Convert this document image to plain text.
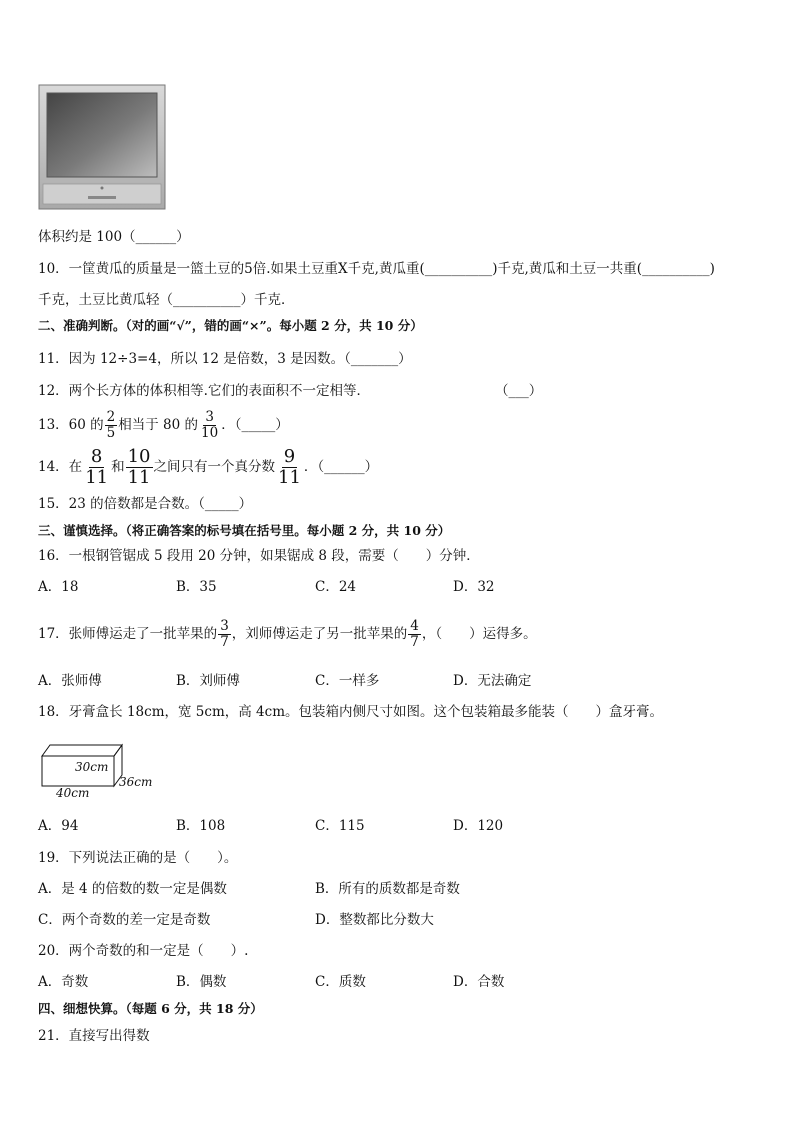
体积约是 100（______）
10．一筐黄瓜的质量是一篮土豆的5倍.如果土豆重X千克,黄瓜重(__________)千克,黄瓜和土豆一共重(__________)
千克，土豆比黄瓜轻（__________）千克．
二、准确判断。（对的画“√”，错的画“×”。每小题 2 分，共 10 分）
11．因为 12÷3=4，所以 12 是倍数，3 是因数。（_______）
12．两个长方体的体积相等.它们的表面积不一定相等．	（___）
13．60 的 $\frac{2}{5}$ 相当于 80 的 $\frac{3}{10}$ ．（_____）
14．在 $\frac{8}{11}$ 和 $\frac{10}{11}$ 之间只有一个真分数 $\frac{9}{11}$ ．（______）
15．23 的倍数都是合数。（_____）
三、谨慎选择。（将正确答案的标号填在括号里。每小题 2 分，共 10 分）
16．一根钢管锯成 5 段用 20 分钟，如果锯成 8 段，需要（　　）分钟．
A．18	B．35	C．24	D．32
17．张师傅运走了一批苹果的 $\frac{3}{7}$ ，刘师傅运走了另一批苹果的 $\frac{4}{7}$ ，（　　）运得多。
A．张师傅	B．刘师傅	C．一样多	D．无法确定
18．牙膏盒长 18cm，宽 5cm，高 4cm。包装箱内侧尺寸如图。这个包装箱最多能装（　　）盒牙膏。
30cm
36cm
40cm
A．94	B．108	C．115	D．120
19．下列说法正确的是（　　）。
A．是 4 的倍数的数一定是偶数	B．所有的质数都是奇数
C．两个奇数的差一定是奇数	D．整数都比分数大
20．两个奇数的和一定是（　　）.
A．奇数	B．偶数	C．质数	D．合数
四、细想快算。（每题 6 分，共 18 分）
21．直接写出得数
